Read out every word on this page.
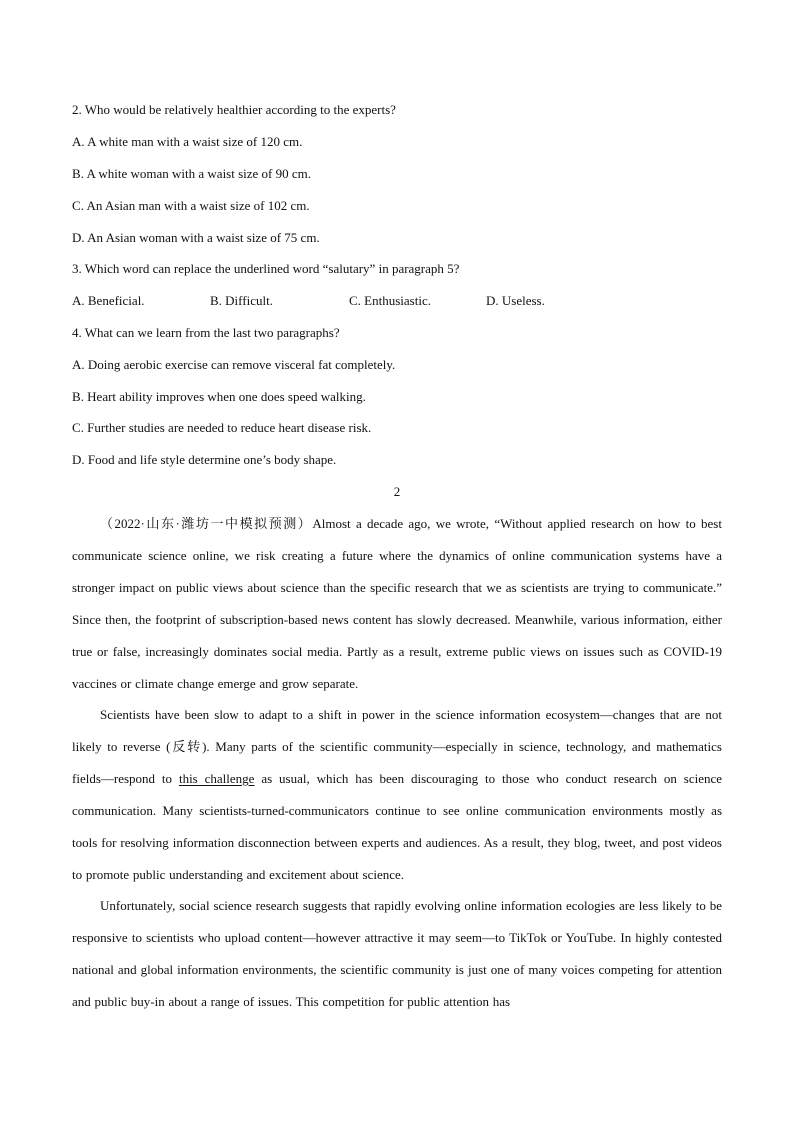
2. Who would be relatively healthier according to the experts?
A. A white man with a waist size of 120 cm.
B. A white woman with a waist size of 90 cm.
C. An Asian man with a waist size of 102 cm.
D. An Asian woman with a waist size of 75 cm.
3. Which word can replace the underlined word “salutary” in paragraph 5?
A. Beneficial.	B. Difficult.	C. Enthusiastic.	D. Useless.
4. What can we learn from the last two paragraphs?
A. Doing aerobic exercise can remove visceral fat completely.
B. Heart ability improves when one does speed walking.
C. Further studies are needed to reduce heart disease risk.
D. Food and life style determine one’s body shape.
2

（2022·山东·潍坊一中模拟预测）Almost a decade ago, we wrote, “Without applied research on how to best communicate science online, we risk creating a future where the dynamics of online communication systems have a stronger impact on public views about science than the specific research that we as scientists are trying to communicate.” Since then, the footprint of subscription-based news content has slowly decreased. Meanwhile, various information, either true or false, increasingly dominates social media. Partly as a result, extreme public views on issues such as COVID-19 vaccines or climate change emerge and grow separate.

Scientists have been slow to adapt to a shift in power in the science information ecosystem—changes that are not likely to reverse (反转). Many parts of the scientific community—especially in science, technology, and mathematics fields—respond to this challenge as usual, which has been discouraging to those who conduct research on science communication. Many scientists-turned-communicators continue to see online communication environments mostly as tools for resolving information disconnection between experts and audiences. As a result, they blog, tweet, and post videos to promote public understanding and excitement about science.

Unfortunately, social science research suggests that rapidly evolving online information ecologies are less likely to be responsive to scientists who upload content—however attractive it may seem—to TikTok or YouTube. In highly contested national and global information environments, the scientific community is just one of many voices competing for attention and public buy-in about a range of issues. This competition for public attention has
